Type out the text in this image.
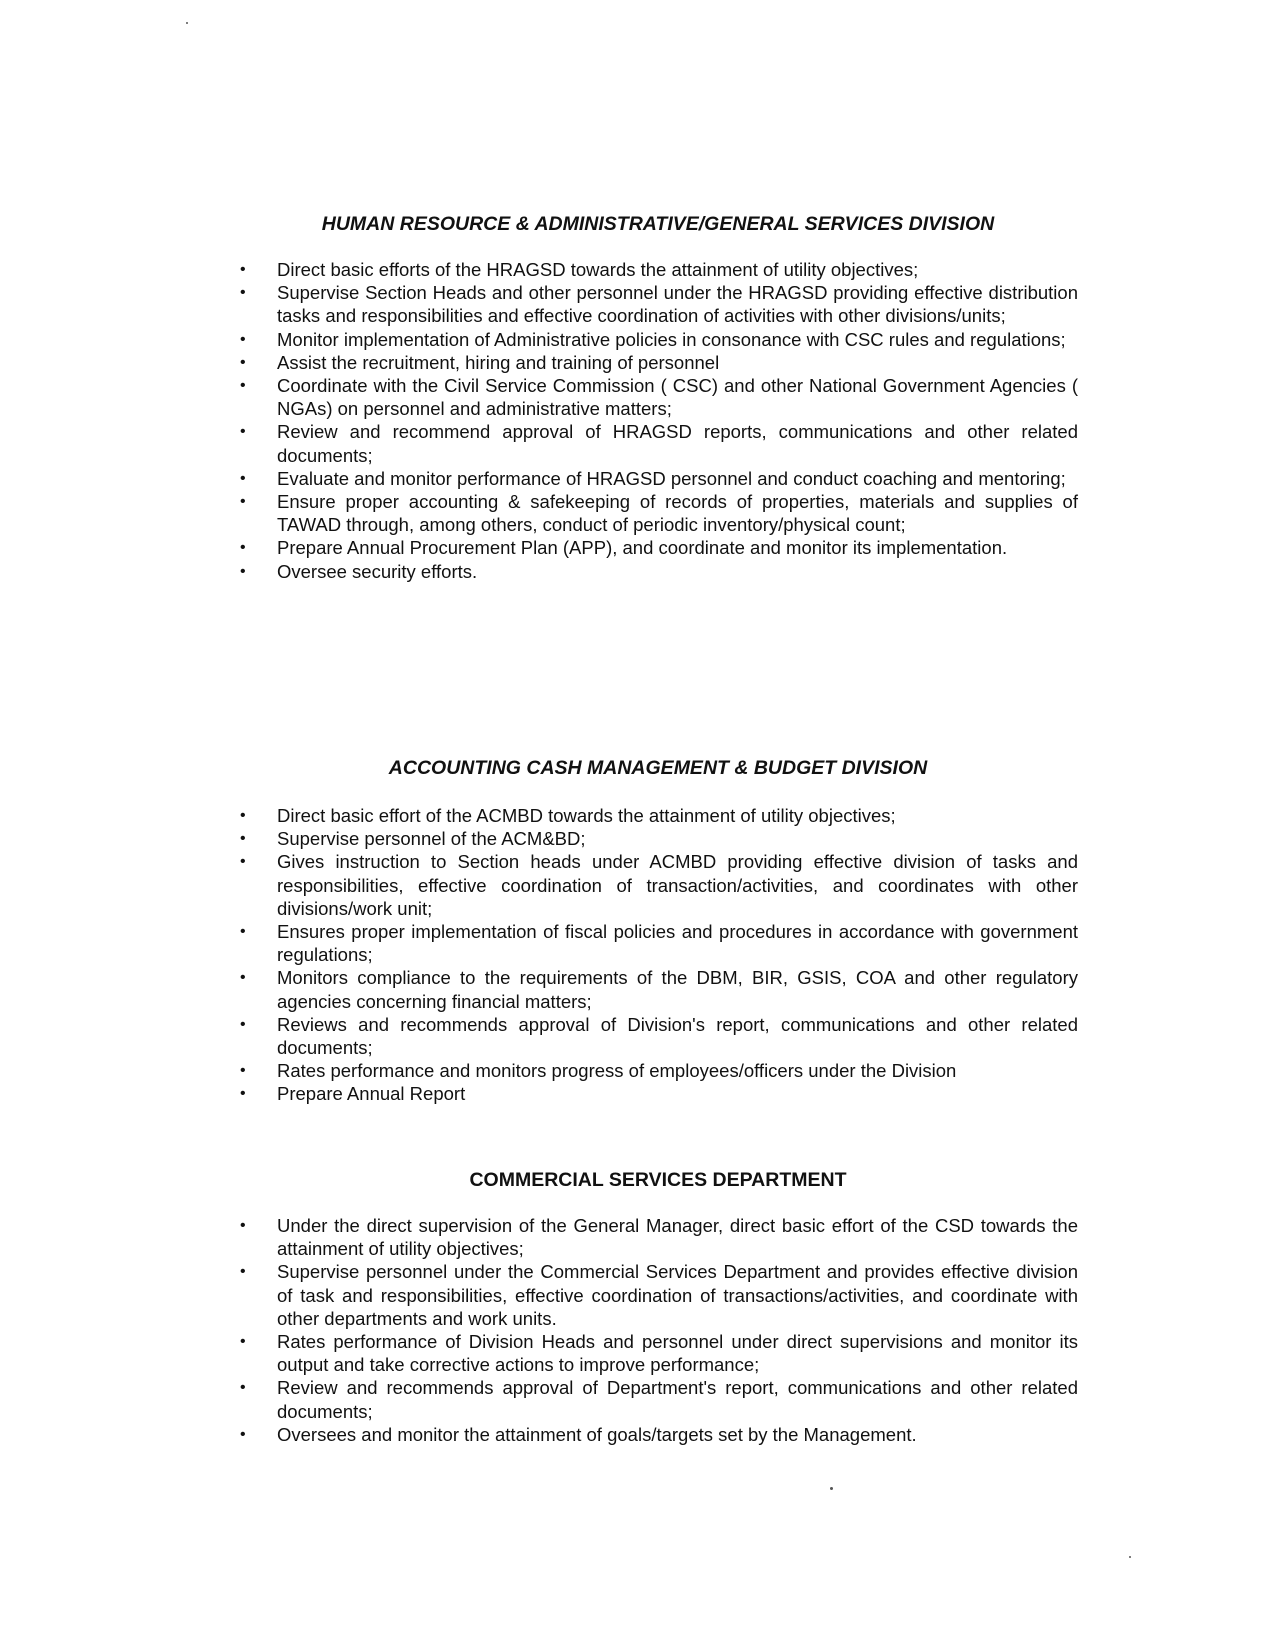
HUMAN RESOURCE & ADMINISTRATIVE/GENERAL SERVICES DIVISION
• Direct basic efforts of the HRAGSD towards the attainment of utility objectives;
• Supervise Section Heads and other personnel under the HRAGSD providing effective distribution tasks and responsibilities and effective coordination of activities with other divisions/units;
• Monitor implementation of Administrative policies in consonance with CSC rules and regulations;
• Assist the recruitment, hiring and training of personnel
• Coordinate with the Civil Service Commission ( CSC) and other National Government Agencies ( NGAs) on personnel and administrative matters;
• Review and recommend approval of HRAGSD reports, communications and other related documents;
• Evaluate and monitor performance of HRAGSD personnel and conduct coaching and mentoring;
• Ensure proper accounting & safekeeping of records of properties, materials and supplies of TAWAD through, among others, conduct of periodic inventory/physical count;
• Prepare Annual Procurement Plan (APP), and coordinate and monitor its implementation.
• Oversee security efforts.
ACCOUNTING CASH MANAGEMENT & BUDGET DIVISION
• Direct basic effort of the ACMBD towards the attainment of utility objectives;
• Supervise personnel of the ACM&BD;
• Gives instruction to Section heads under ACMBD providing effective division of tasks and responsibilities, effective coordination of transaction/activities, and coordinates with other divisions/work unit;
• Ensures proper implementation of fiscal policies and procedures in accordance with government regulations;
• Monitors compliance to the requirements of the DBM, BIR, GSIS, COA and other regulatory agencies concerning financial matters;
• Reviews and recommends approval of Division's report, communications and other related documents;
• Rates performance and monitors progress of employees/officers under the Division
• Prepare Annual Report
COMMERCIAL SERVICES DEPARTMENT
• Under the direct supervision of the General Manager, direct basic effort of the CSD towards the attainment of utility objectives;
• Supervise personnel under the Commercial Services Department and provides effective division of task and responsibilities, effective coordination of transactions/activities, and coordinate with other departments and work units.
• Rates performance of Division Heads and personnel under direct supervisions and monitor its output and take corrective actions to improve performance;
• Review and recommends approval of Department's report, communications and other related documents;
• Oversees and monitor the attainment of goals/targets set by the Management.
